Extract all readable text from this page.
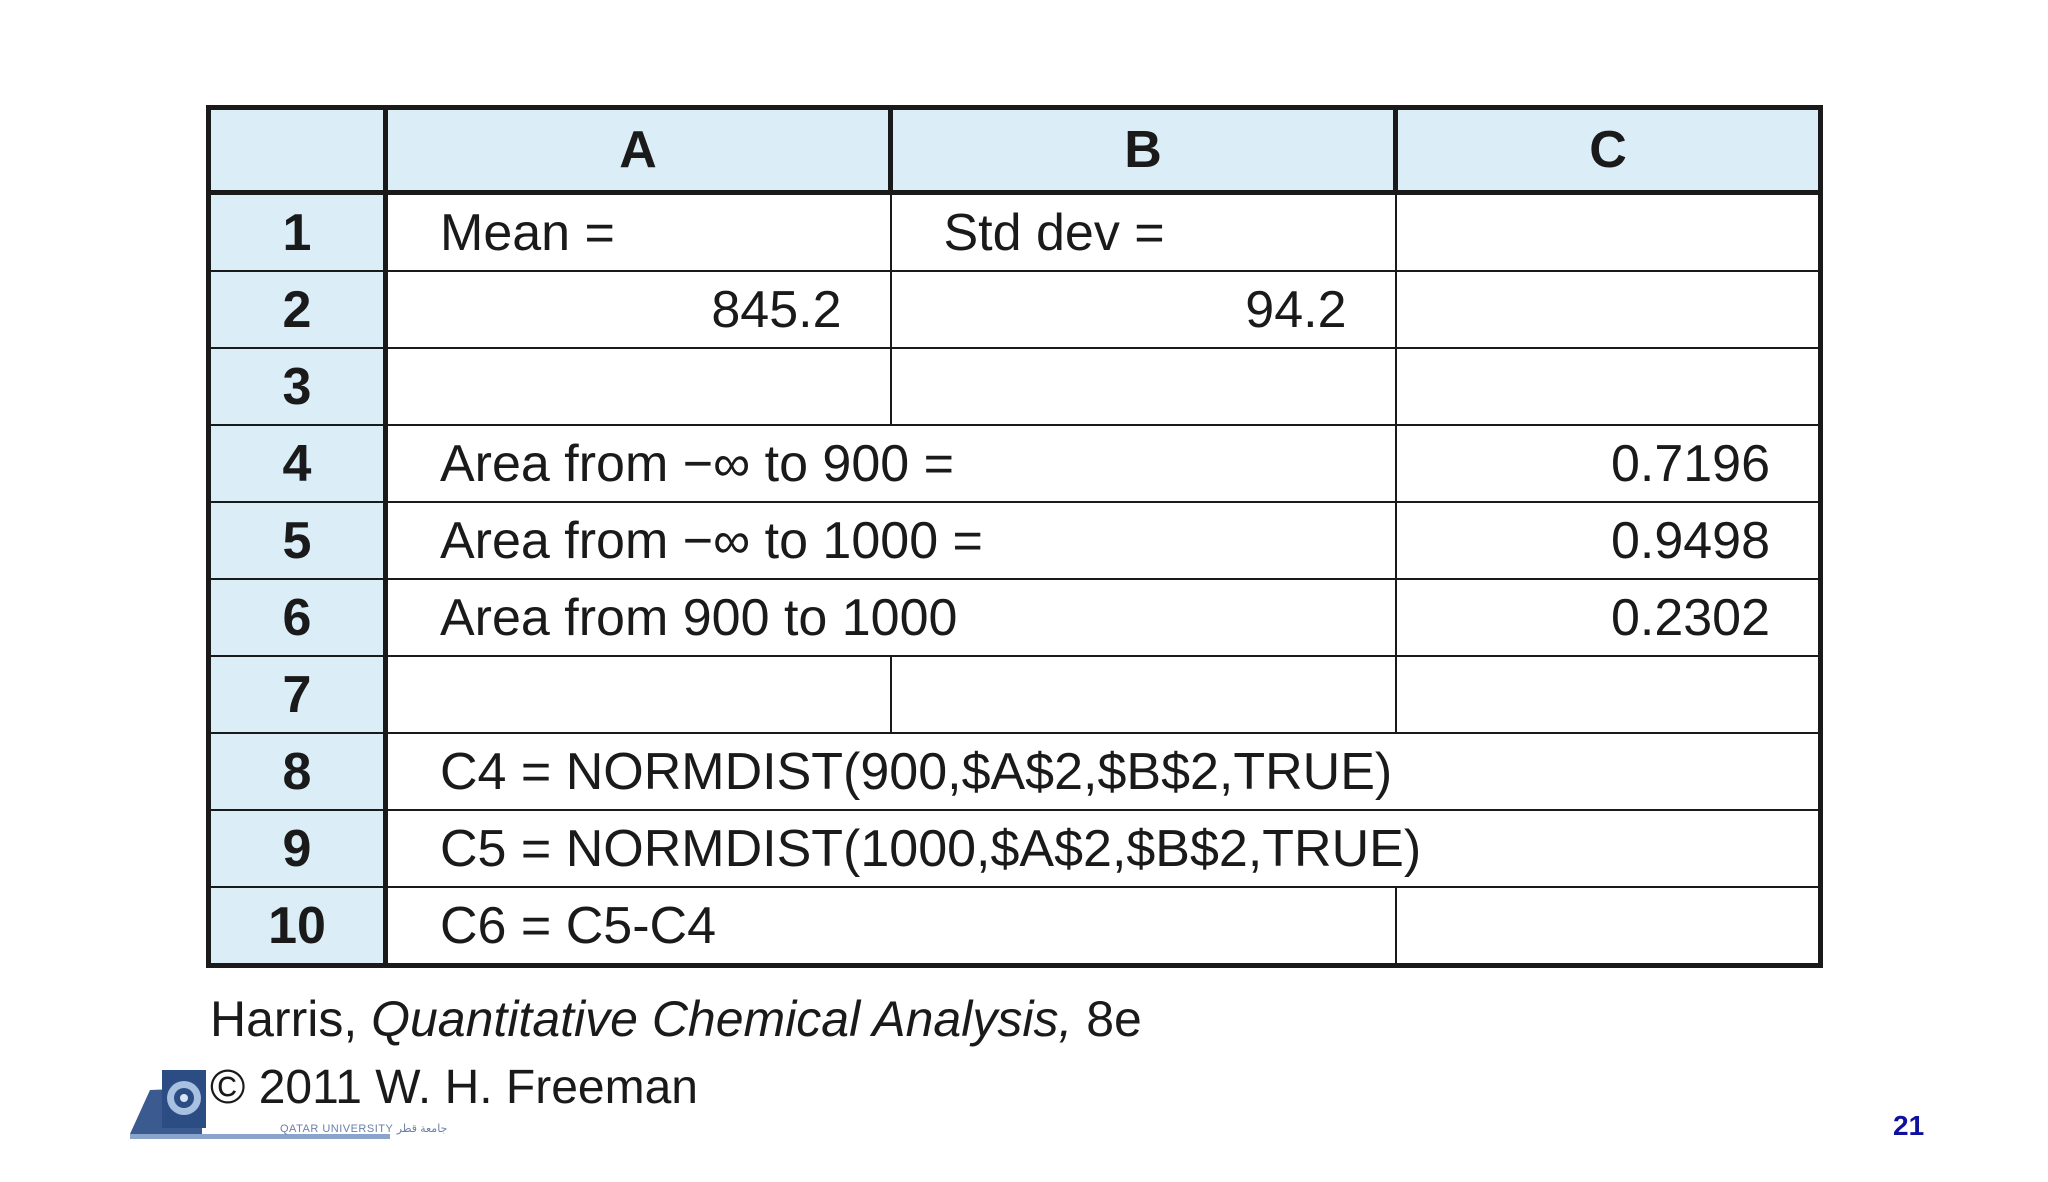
	A	B	C
1	Mean =	Std dev =	
2	845.2	94.2	
3			
4	Area from −∞ to 900 =		0.7196
5	Area from −∞ to 1000 =		0.9498
6	Area from 900 to 1000		0.2302
7			
8	C4 = NORMDIST(900,$A$2,$B$2,TRUE)		
9	C5 = NORMDIST(1000,$A$2,$B$2,TRUE)		
10	C6 = C5-C4		
Harris, Quantitative Chemical Analysis, 8e
QATAR UNIVERSITY جامعة قطر
© 2011 W. H. Freeman
21
